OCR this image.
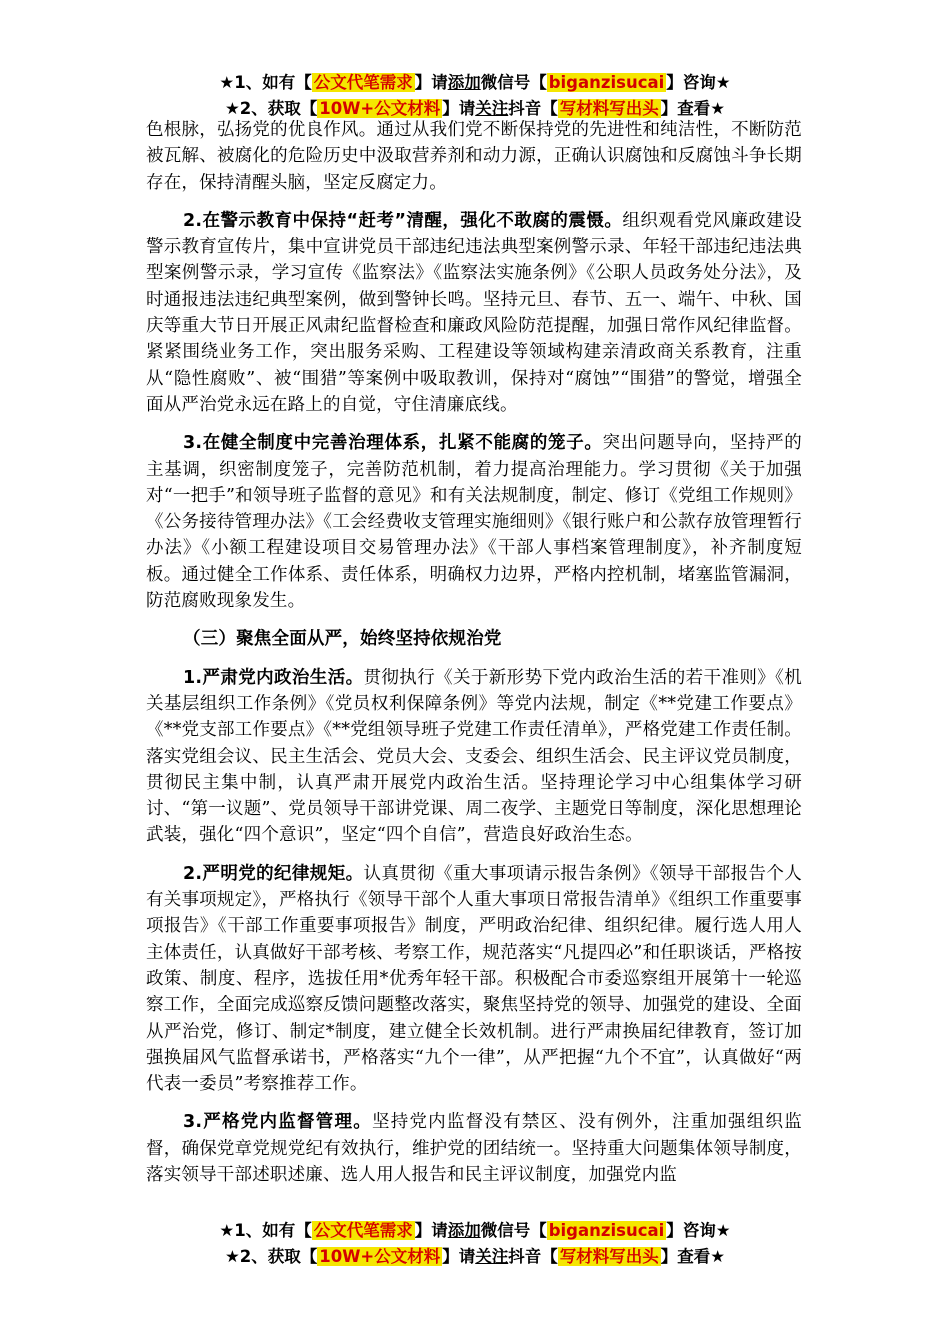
★1、如有【 公文代笔需求 】请添加微信号【 biganzisucai 】咨询★
★2、获取【 10W+公文材料 】请关注抖音【 写材料写出头 】查看★

色根脉，弘扬党的优良作风。通过从我们党不断保持党的先进性和纯洁性，不断防范被瓦解、被腐化的危险历史中汲取营养剂和动力源，正确认识腐蚀和反腐蚀斗争长期存在，保持清醒头脑，坚定反腐定力。

2.在警示教育中保持“赶考”清醒，强化不敢腐的震慑。组织观看党风廉政建设警示教育宣传片，集中宣讲党员干部违纪违法典型案例警示录、年轻干部违纪违法典型案例警示录，学习宣传《监察法》《监察法实施条例》《公职人员政务处分法》，及时通报违法违纪典型案例，做到警钟长鸣。坚持元旦、春节、五一、端午、中秋、国庆等重大节日开展正风肃纪监督检查和廉政风险防范提醒，加强日常作风纪律监督。紧紧围绕业务工作，突出服务采购、工程建设等领域构建亲清政商关系教育，注重从“隐性腐败”、被“围猎”等案例中吸取教训，保持对“腐蚀”“围猎”的警觉，增强全面从严治党永远在路上的自觉，守住清廉底线。

3.在健全制度中完善治理体系，扎紧不能腐的笼子。突出问题导向，坚持严的主基调，织密制度笼子，完善防范机制，着力提高治理能力。学习贯彻《关于加强对“一把手”和领导班子监督的意见》和有关法规制度，制定、修订《党组工作规则》《公务接待管理办法》《工会经费收支管理实施细则》《银行账户和公款存放管理暂行办法》《小额工程建设项目交易管理办法》《干部人事档案管理制度》，补齐制度短板。通过健全工作体系、责任体系，明确权力边界，严格内控机制，堵塞监管漏洞，防范腐败现象发生。

（三）聚焦全面从严，始终坚持依规治党

1.严肃党内政治生活。贯彻执行《关于新形势下党内政治生活的若干准则》《机关基层组织工作条例》《党员权利保障条例》等党内法规，制定《**党建工作要点》《**党支部工作要点》《**党组领导班子党建工作责任清单》，严格党建工作责任制。落实党组会议、民主生活会、党员大会、支委会、组织生活会、民主评议党员制度，贯彻民主集中制，认真严肃开展党内政治生活。坚持理论学习中心组集体学习研讨、“第一议题”、党员领导干部讲党课、周二夜学、主题党日等制度，深化思想理论武装，强化“四个意识”，坚定“四个自信”，营造良好政治生态。

2.严明党的纪律规矩。认真贯彻《重大事项请示报告条例》《领导干部报告个人有关事项规定》，严格执行《领导干部个人重大事项日常报告清单》《组织工作重要事项报告》《干部工作重要事项报告》制度，严明政治纪律、组织纪律。履行选人用人主体责任，认真做好干部考核、考察工作，规范落实“凡提四必”和任职谈话，严格按政策、制度、程序，选拔任用*优秀年轻干部。积极配合市委巡察组开展第十一轮巡察工作，全面完成巡察反馈问题整改落实，聚焦坚持党的领导、加强党的建设、全面从严治党，修订、制定*制度，建立健全长效机制。进行严肃换届纪律教育，签订加强换届风气监督承诺书，严格落实“九个一律”，从严把握“九个不宜”，认真做好“两代表一委员”考察推荐工作。

3.严格党内监督管理。坚持党内监督没有禁区、没有例外，注重加强组织监督，确保党章党规党纪有效执行，维护党的团结统一。坚持重大问题集体领导制度，落实领导干部述职述廉、选人用人报告和民主评议制度，加强党内监

★1、如有【 公文代笔需求 】请添加微信号【 biganzisucai 】咨询★
★2、获取【 10W+公文材料 】请关注抖音【 写材料写出头 】查看★
